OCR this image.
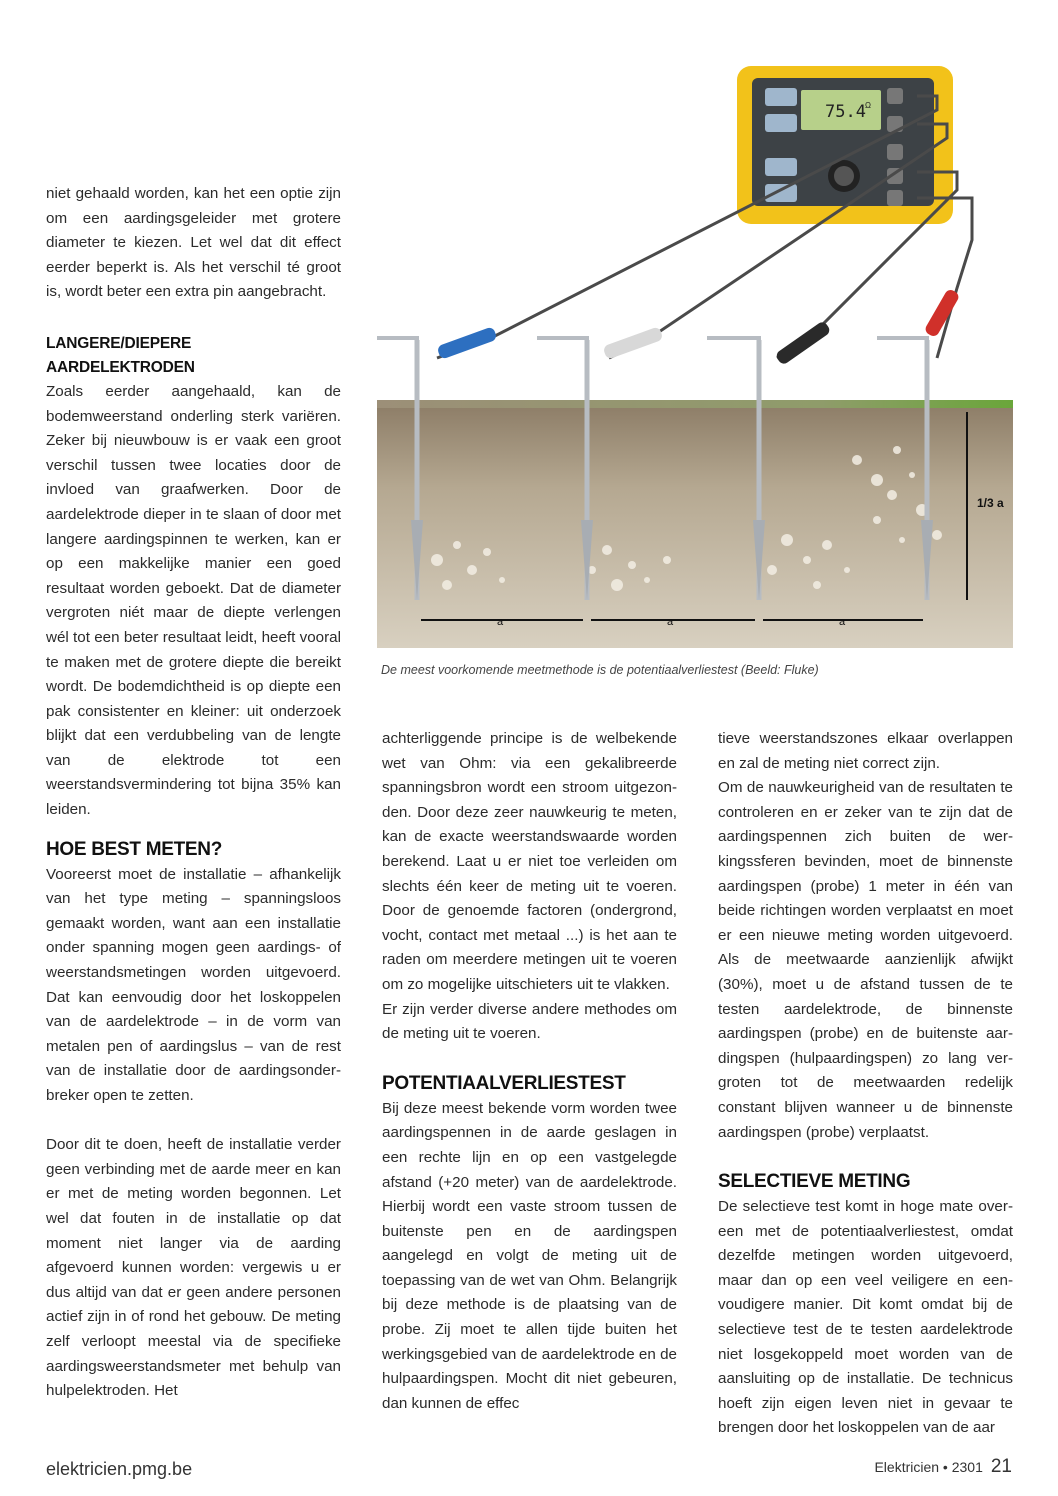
niet gehaald worden, kan het een optie zijn om een aardingsgeleider met grotere diameter te kiezen. Let wel dat dit effect eerder beperkt is. Als het verschil té groot is, wordt beter een extra pin aangebracht.

LANGERE/DIEPERE AARDELEKTRODEN

Zoals eerder aangehaald, kan de bodemweerstand onderling sterk variëren. Zeker bij nieuwbouw is er vaak een groot verschil tussen twee locaties door de invloed van graafwerken. Door de aardelektrode dieper in te slaan of door met langere aardingspinnen te werken, kan er op een makkelijke manier een goed resultaat worden geboekt. Dat de diameter vergroten niét maar de diepte verlengen wél tot een beter resultaat leidt, heeft vooral te maken met de grotere diepte die bereikt wordt. De bodemdichtheid is op diepte een pak consistenter en kleiner: uit onderzoek blijkt dat een verdubbeling van de lengte van de elektrode tot een weerstandsvermindering tot bijna 35% kan leiden.

HOE BEST METEN?

Vooreerst moet de installatie – afhankelijk van het type meting – spanningsloos gemaakt worden, want aan een installatie onder spanning mogen geen aardings- of weerstandsmetingen worden uitgevoerd. Dat kan eenvoudig door het loskoppelen van de aardelektrode – in de vorm van metalen pen of aardingslus – van de rest van de installatie door de aardingsonderbreker open te zetten.

Door dit te doen, heeft de installatie verder geen verbinding met de aarde meer en kan er met de meting worden begonnen. Let wel dat fouten in de installatie op dat moment niet langer via de aarding afgevoerd kunnen worden: vergewis u er dus altijd van dat er geen andere personen actief zijn in of rond het gebouw. De meting zelf verloopt meestal via de specifieke aardingsweerstandsmeter met behulp van hulpelektroden. Het

75.4 Ω
a	a	a
1/3 a
De meest voorkomende meetmethode is de potentiaalverliestest (Beeld: Fluke)

achterliggende principe is de welbekende wet van Ohm: via een gekalibreerde spanningsbron wordt een stroom uitgezonden. Door deze zeer nauwkeurig te meten, kan de exacte weerstandswaarde worden berekend. Laat u er niet toe verleiden om slechts één keer de meting uit te voeren. Door de genoemde factoren (ondergrond, vocht, contact met metaal ...) is het aan te raden om meerdere metingen uit te voeren om zo mogelijke uitschieters uit te vlakken.

Er zijn verder diverse andere methodes om de meting uit te voeren.

POTENTIAALVERLIESTEST

Bij deze meest bekende vorm worden twee aardingspennen in de aarde geslagen in een rechte lijn en op een vastgelegde afstand (+20 meter) van de aardelektrode. Hierbij wordt een vaste stroom tussen de buitenste pen en de aardingspen aangelegd en volgt de meting uit de toepassing van de wet van Ohm. Belangrijk bij deze methode is de plaatsing van de probe. Zij moet te allen tijde buiten het werkingsgebied van de aardelektrode en de hulpaardingspen. Mocht dit niet gebeuren, dan kunnen de effec

tieve weerstandszones elkaar overlappen en zal de meting niet correct zijn.

Om de nauwkeurigheid van de resultaten te controleren en er zeker van te zijn dat de aardingspennen zich buiten de werkingssferen bevinden, moet de binnenste aardingspen (probe) 1 meter in één van beide richtingen worden verplaatst en moet er een nieuwe meting worden uitgevoerd. Als de meetwaarde aanzienlijk afwijkt (30%), moet u de afstand tussen de te testen aardelektrode, de binnenste aardingspen (probe) en de buitenste aardingspen (hulpaardingspen) zo lang vergroten tot de meetwaarden redelijk constant blijven wanneer u de binnenste aardingspen (probe) verplaatst.

SELECTIEVE METING

De selectieve test komt in hoge mate overeen met de potentiaalverliestest, omdat dezelfde metingen worden uitgevoerd, maar dan op een veel veiligere en eenvoudigere manier. Dit komt omdat bij de selectieve test de te testen aardelektrode niet losgekoppeld moet worden van de aansluiting op de installatie. De technicus hoeft zijn eigen leven niet in gevaar te brengen door het loskoppelen van de aar

elektricien.pmg.be	Elektricien • 2301 21
